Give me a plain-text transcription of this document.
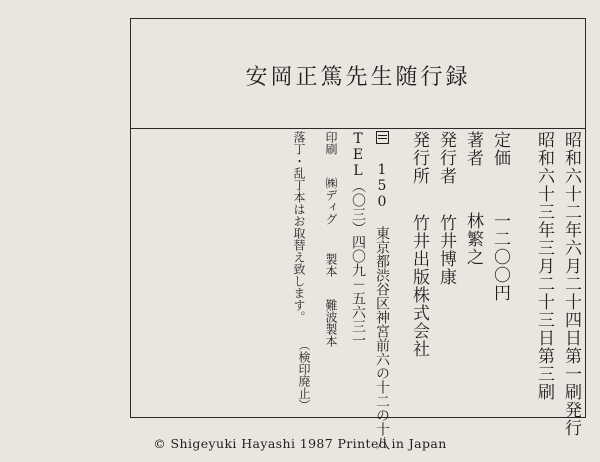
安岡正篤先生随行録
昭和六十二年六月二十四日第一刷発行
昭和六十三年三月二十三日第三刷
定価 一二〇〇円
著者 林繁之
発行者 竹井博康
発行所 竹井出版株式会社
150 東京都渋谷区神宮前六の十二の十八
TEL（〇三）四〇九－五六三一
印刷 ㈱ディグ 製本 難波製本
落丁・乱丁本はお取替え致します。
（検印廃止）
© Shigeyuki Hayashi 1987 Printed in Japan
